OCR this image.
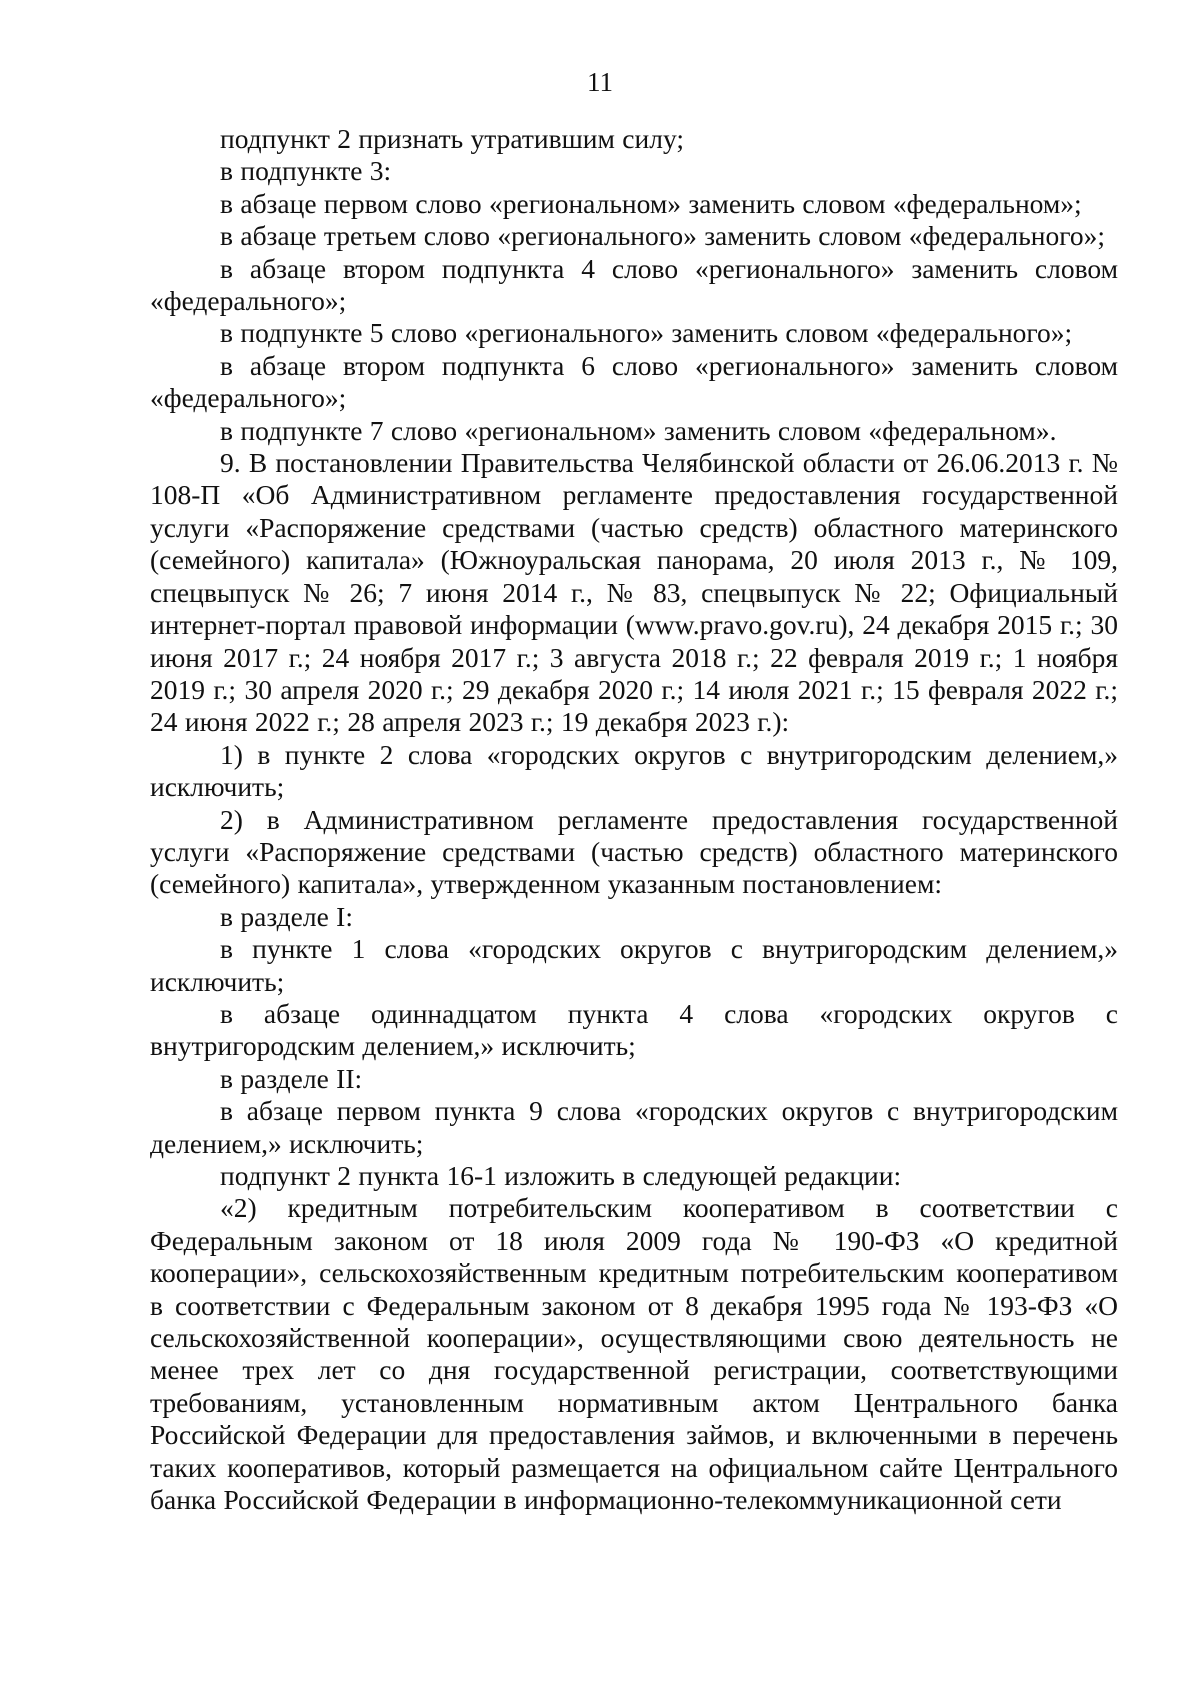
11

подпункт 2 признать утратившим силу;

в подпункте 3:

в абзаце первом слово «региональном» заменить словом «федеральном»;

в абзаце третьем слово «регионального» заменить словом «федерального»;

в абзаце втором подпункта 4 слово «регионального» заменить словом «федерального»;

в подпункте 5 слово «регионального» заменить словом «федерального»;

в абзаце втором подпункта 6 слово «регионального» заменить словом «федерального»;

в подпункте 7 слово «региональном» заменить словом «федеральном».

9. В постановлении Правительства Челябинской области от 26.06.2013 г. № 108-П «Об Административном регламенте предоставления государственной услуги «Распоряжение средствами (частью средств) областного материнского (семейного) капитала» (Южноуральская панорама, 20 июля 2013 г., № 109, спецвыпуск № 26; 7 июня 2014 г., № 83, спецвыпуск № 22; Официальный интернет-портал правовой информации (www.pravo.gov.ru), 24 декабря 2015 г.; 30 июня 2017 г.; 24 ноября 2017 г.; 3 августа 2018 г.; 22 февраля 2019 г.; 1 ноября 2019 г.; 30 апреля 2020 г.; 29 декабря 2020 г.; 14 июля 2021 г.; 15 февраля 2022 г.; 24 июня 2022 г.; 28 апреля 2023 г.; 19 декабря 2023 г.):

1) в пункте 2 слова «городских округов с внутригородским делением,» исключить;

2) в Административном регламенте предоставления государственной услуги «Распоряжение средствами (частью средств) областного материнского (семейного) капитала», утвержденном указанным постановлением:

в разделе I:

в пункте 1 слова «городских округов с внутригородским делением,» исключить;

в абзаце одиннадцатом пункта 4 слова «городских округов с внутригородским делением,» исключить;

в разделе II:

в абзаце первом пункта 9 слова «городских округов с внутригородским делением,» исключить;

подпункт 2 пункта 16-1 изложить в следующей редакции:

«2) кредитным потребительским кооперативом в соответствии с Федеральным законом от 18 июля 2009 года № 190-ФЗ «О кредитной кооперации», сельскохозяйственным кредитным потребительским кооперативом в соответствии с Федеральным законом от 8 декабря 1995 года № 193-ФЗ «О сельскохозяйственной кооперации», осуществляющими свою деятельность не менее трех лет со дня государственной регистрации, соответствующими требованиям, установленным нормативным актом Центрального банка Российской Федерации для предоставления займов, и включенными в перечень таких кооперативов, который размещается на официальном сайте Центрального банка Российской Федерации в информационно-телекоммуникационной сети
